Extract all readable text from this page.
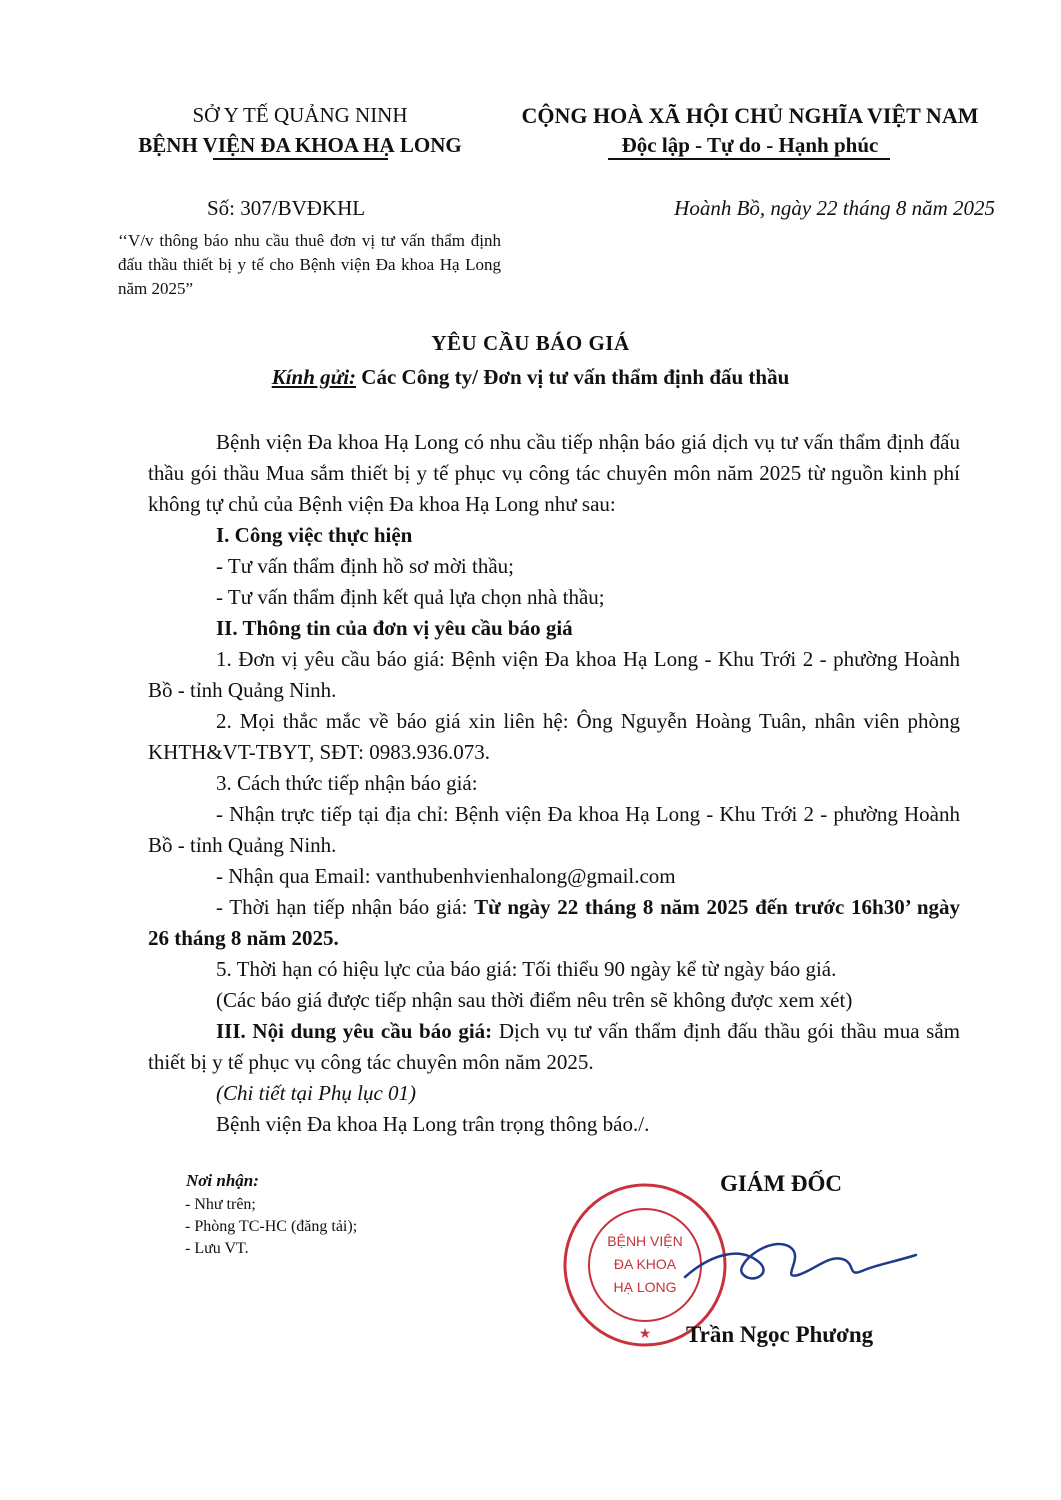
SỞ Y TẾ QUẢNG NINH
BỆNH VIỆN ĐA KHOA HẠ LONG
CỘNG HOÀ XÃ HỘI CHỦ NGHĨA VIỆT NAM
Độc lập - Tự do - Hạnh phúc
Số: 307/BVĐKHL	Hoành Bồ, ngày 22 tháng 8 năm 2025
‘‘V/v thông báo nhu cầu thuê đơn vị tư vấn thẩm định đấu thầu thiết bị y tế cho Bệnh viện Đa khoa Hạ Long năm 2025”
YÊU CẦU BÁO GIÁ
Kính gửi: Các Công ty/ Đơn vị tư vấn thẩm định đấu thầu
Bệnh viện Đa khoa Hạ Long có nhu cầu tiếp nhận báo giá dịch vụ tư vấn thẩm định đấu thầu gói thầu Mua sắm thiết bị y tế phục vụ công tác chuyên môn năm 2025 từ nguồn kinh phí không tự chủ của Bệnh viện Đa khoa Hạ Long như sau:
I. Công việc thực hiện
- Tư vấn thẩm định hồ sơ mời thầu;
- Tư vấn thẩm định kết quả lựa chọn nhà thầu;
II. Thông tin của đơn vị yêu cầu báo giá
1. Đơn vị yêu cầu báo giá: Bệnh viện Đa khoa Hạ Long - Khu Trới 2 - phường Hoành Bồ - tỉnh Quảng Ninh.
2. Mọi thắc mắc về báo giá xin liên hệ: Ông Nguyễn Hoàng Tuân, nhân viên phòng KHTH&VT-TBYT, SĐT: 0983.936.073.
3. Cách thức tiếp nhận báo giá:
- Nhận trực tiếp tại địa chỉ: Bệnh viện Đa khoa Hạ Long - Khu Trới 2 - phường Hoành Bồ - tỉnh Quảng Ninh.
- Nhận qua Email: vanthubenhvienhalong@gmail.com
- Thời hạn tiếp nhận báo giá: Từ ngày 22 tháng 8 năm 2025 đến trước 16h30’ ngày 26 tháng 8 năm 2025.
5. Thời hạn có hiệu lực của báo giá: Tối thiểu 90 ngày kể từ ngày báo giá.
(Các báo giá được tiếp nhận sau thời điểm nêu trên sẽ không được xem xét)
III. Nội dung yêu cầu báo giá: Dịch vụ tư vấn thẩm định đấu thầu gói thầu mua sắm thiết bị y tế phục vụ công tác chuyên môn năm 2025.
(Chi tiết tại Phụ lục 01)
Bệnh viện Đa khoa Hạ Long trân trọng thông báo./.
Nơi nhận:
- Như trên;
- Phòng TC-HC (đăng tải);
- Lưu VT.	BỆNH VIỆN
ĐA KHOA
HẠ LONG
★
GIÁM ĐỐC
Trần Ngọc Phương
